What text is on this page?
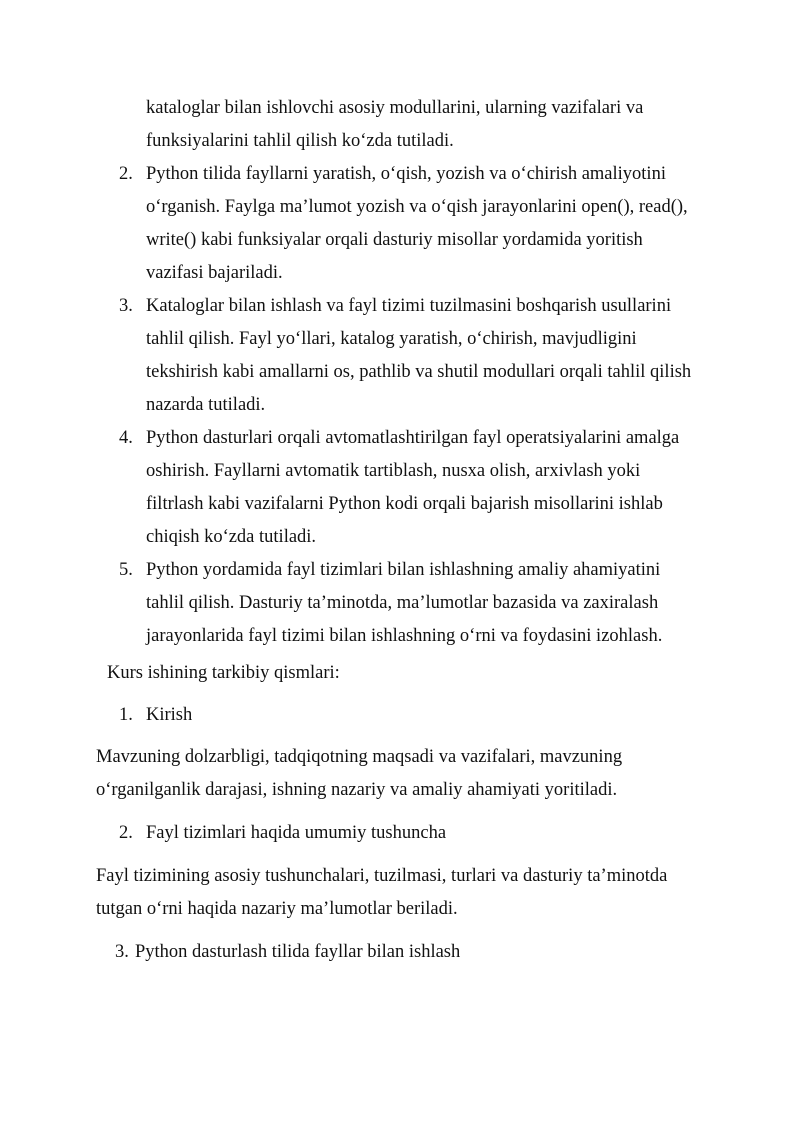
kataloglar bilan ishlovchi asosiy modullarini, ularning vazifalari va
funksiyalarini tahlil qilish ko‘zda tutiladi.
2. Python tilida fayllarni yaratish, o‘qish, yozish va o‘chirish amaliyotini
o‘rganish. Faylga ma’lumot yozish va o‘qish jarayonlarini open(), read(),
write() kabi funksiyalar orqali dasturiy misollar yordamida yoritish
vazifasi bajariladi.
3. Kataloglar bilan ishlash va fayl tizimi tuzilmasini boshqarish usullarini
tahlil qilish. Fayl yo‘llari, katalog yaratish, o‘chirish, mavjudligini
tekshirish kabi amallarni os, pathlib va shutil modullari orqali tahlil qilish
nazarda tutiladi.
4. Python dasturlari orqali avtomatlashtirilgan fayl operatsiyalarini amalga
oshirish. Fayllarni avtomatik tartiblash, nusxa olish, arxivlash yoki
filtrlash kabi vazifalarni Python kodi orqali bajarish misollarini ishlab
chiqish ko‘zda tutiladi.
5. Python yordamida fayl tizimlari bilan ishlashning amaliy ahamiyatini
tahlil qilish. Dasturiy ta’minotda, ma’lumotlar bazasida va zaxiralash
jarayonlarida fayl tizimi bilan ishlashning o‘rni va foydasini izohlash.
Kurs ishining tarkibiy qismlari:
1. Kirish
Mavzuning dolzarbligi, tadqiqotning maqsadi va vazifalari, mavzuning
o‘rganilganlik darajasi, ishning nazariy va amaliy ahamiyati yoritiladi.
2. Fayl tizimlari haqida umumiy tushuncha
Fayl tizimining asosiy tushunchalari, tuzilmasi, turlari va dasturiy ta’minotda
tutgan o‘rni haqida nazariy ma’lumotlar beriladi.
3. Python dasturlash tilida fayllar bilan ishlash
